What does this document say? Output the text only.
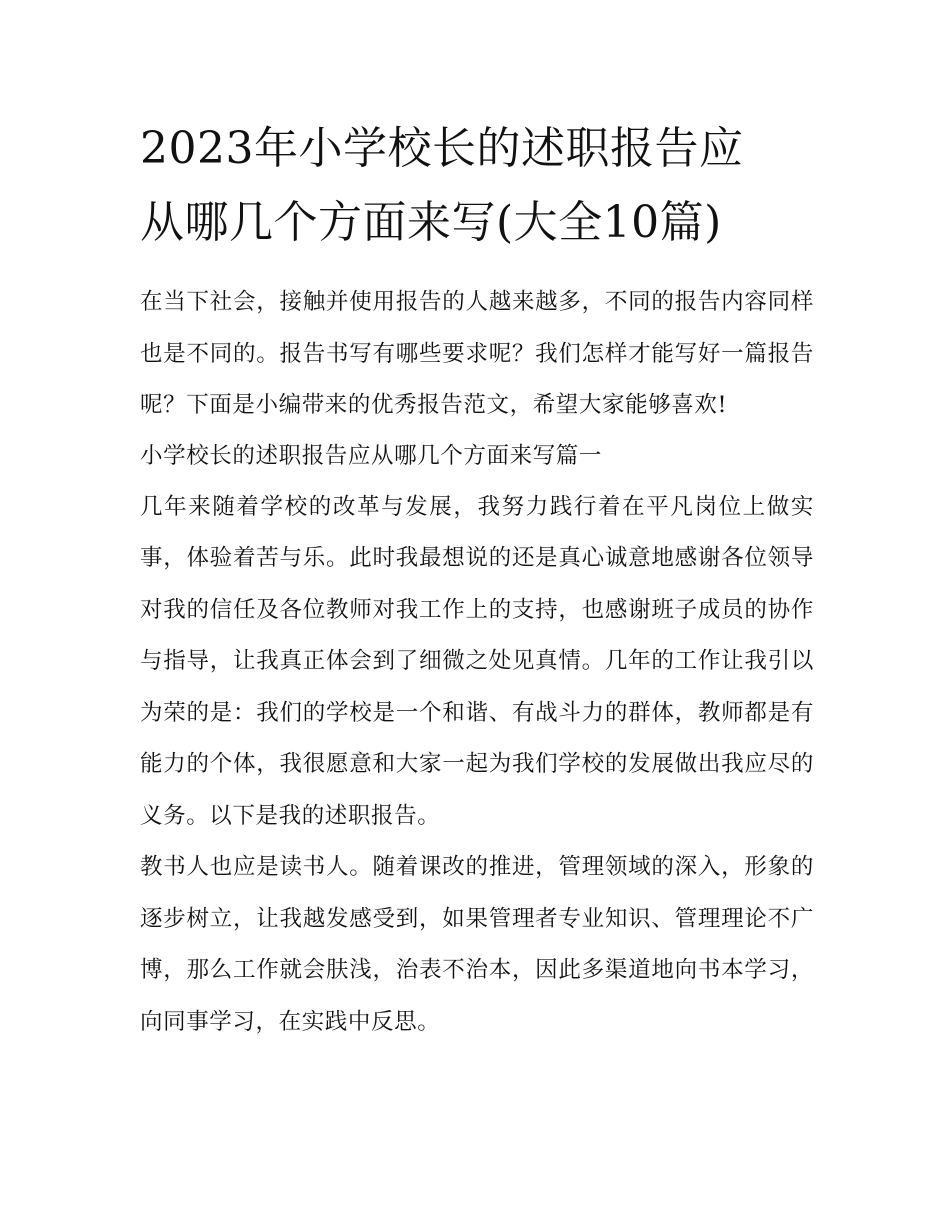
2023年小学校长的述职报告应
从哪几个方面来写(大全10篇)

在当下社会，接触并使用报告的人越来越多，不同的报告内容同样也是不同的。报告书写有哪些要求呢？我们怎样才能写好一篇报告呢？下面是小编带来的优秀报告范文，希望大家能够喜欢!

小学校长的述职报告应从哪几个方面来写篇一

几年来随着学校的改革与发展，我努力践行着在平凡岗位上做实事，体验着苦与乐。此时我最想说的还是真心诚意地感谢各位领导对我的信任及各位教师对我工作上的支持，也感谢班子成员的协作与指导，让我真正体会到了细微之处见真情。几年的工作让我引以为荣的是：我们的学校是一个和谐、有战斗力的群体，教师都是有能力的个体，我很愿意和大家一起为我们学校的发展做出我应尽的义务。以下是我的述职报告。

教书人也应是读书人。随着课改的推进，管理领域的深入，形象的逐步树立，让我越发感受到，如果管理者专业知识、管理理论不广博，那么工作就会肤浅，治表不治本，因此多渠道地向书本学习，向同事学习，在实践中反思。
